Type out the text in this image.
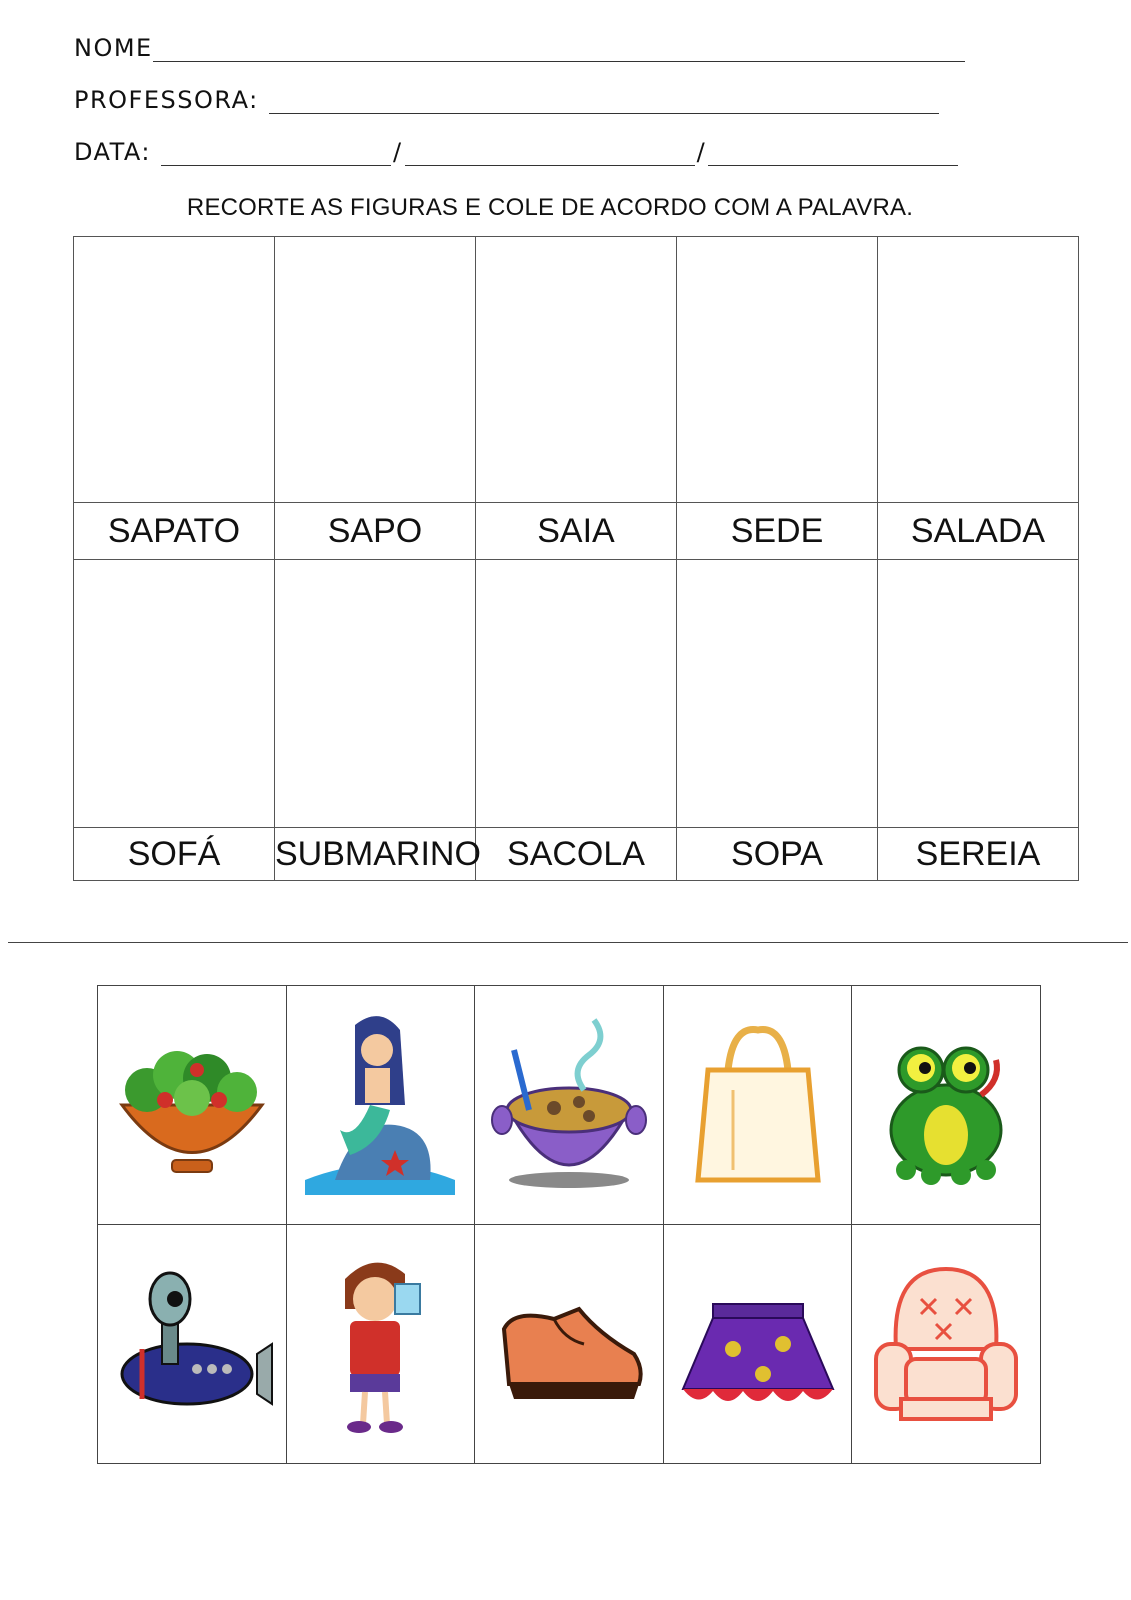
NOME
PROFESSORA:
DATA:	/	/
RECORTE AS FIGURAS E COLE DE ACORDO COM A PALAVRA.

SAPATO	SAPO	SAIA	SEDE	SALADA

SOFÁ	SUBMARINO	SACOLA	SOPA	SEREIA
